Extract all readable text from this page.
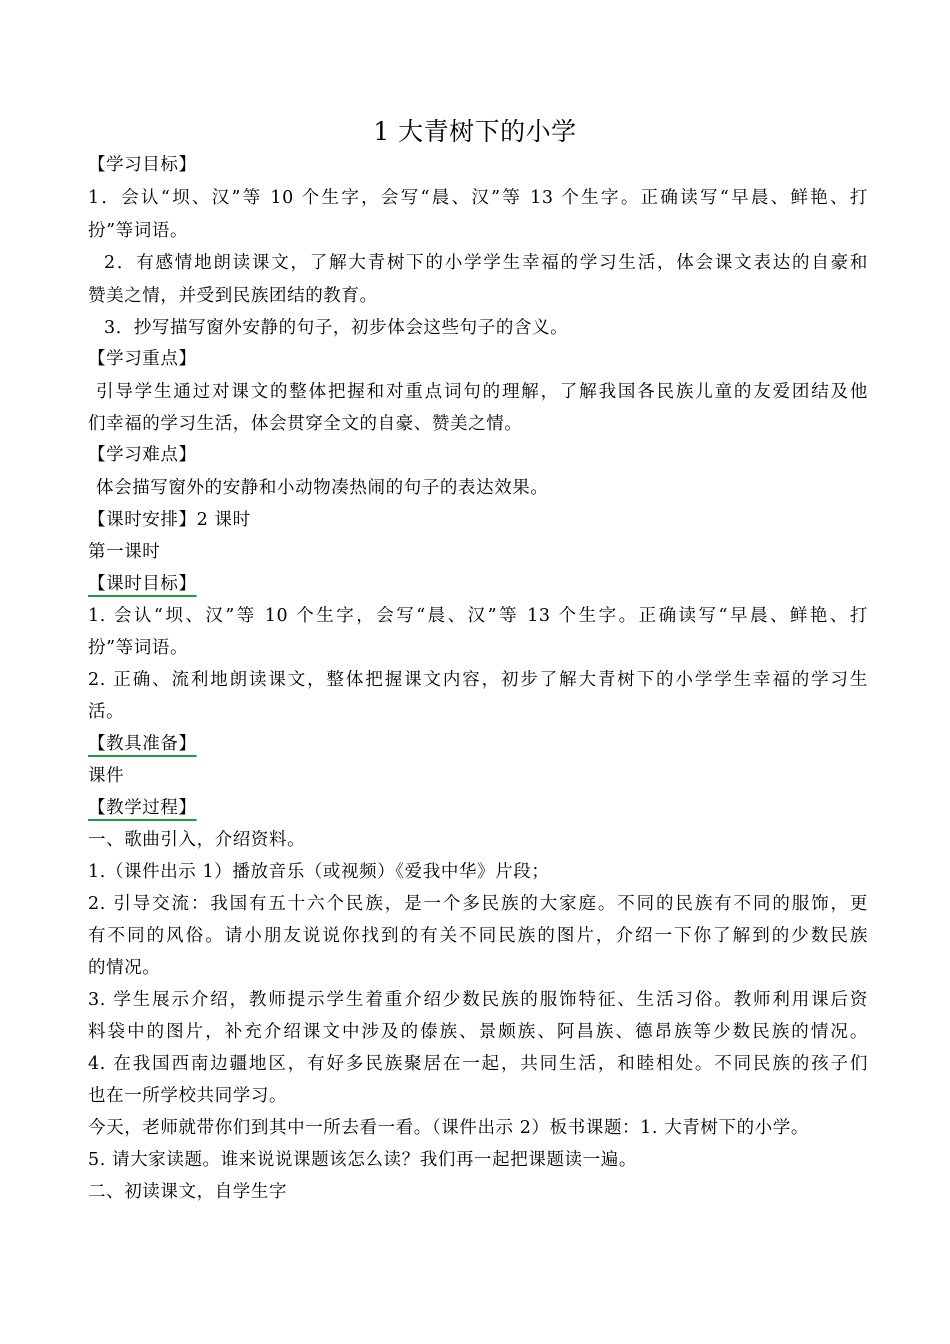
1 大青树下的小学
【学习目标】
1．会认“坝、汉”等 10 个生字，会写“晨、汉”等 13 个生字。正确读写“早晨、鲜艳、打
扮”等词语。
2．有感情地朗读课文，了解大青树下的小学学生幸福的学习生活，体会课文表达的自豪和
赞美之情，并受到民族团结的教育。
3．抄写描写窗外安静的句子，初步体会这些句子的含义。
【学习重点】
引导学生通过对课文的整体把握和对重点词句的理解，了解我国各民族儿童的友爱团结及他
们幸福的学习生活，体会贯穿全文的自豪、赞美之情。
【学习难点】
体会描写窗外的安静和小动物凑热闹的句子的表达效果。
【课时安排】2 课时
第一课时
【课时目标】
1. 会认“坝、汉”等 10 个生字，会写“晨、汉”等 13 个生字。正确读写“早晨、鲜艳、打
扮”等词语。
2. 正确、流利地朗读课文，整体把握课文内容，初步了解大青树下的小学学生幸福的学习生
活。
【教具准备】
课件
【教学过程】
一、歌曲引入，介绍资料。
1.（课件出示 1）播放音乐（或视频）《爱我中华》片段；
2. 引导交流：我国有五十六个民族，是一个多民族的大家庭。不同的民族有不同的服饰，更
有不同的风俗。请小朋友说说你找到的有关不同民族的图片，介绍一下你了解到的少数民族
的情况。
3. 学生展示介绍，教师提示学生着重介绍少数民族的服饰特征、生活习俗。教师利用课后资
料袋中的图片，补充介绍课文中涉及的傣族、景颇族、阿昌族、德昂族等少数民族的情况。
4. 在我国西南边疆地区，有好多民族聚居在一起，共同生活，和睦相处。不同民族的孩子们
也在一所学校共同学习。
今天，老师就带你们到其中一所去看一看。（课件出示 2）板书课题：1. 大青树下的小学。
5. 请大家读题。谁来说说课题该怎么读？我们再一起把课题读一遍。
二、初读课文，自学生字
